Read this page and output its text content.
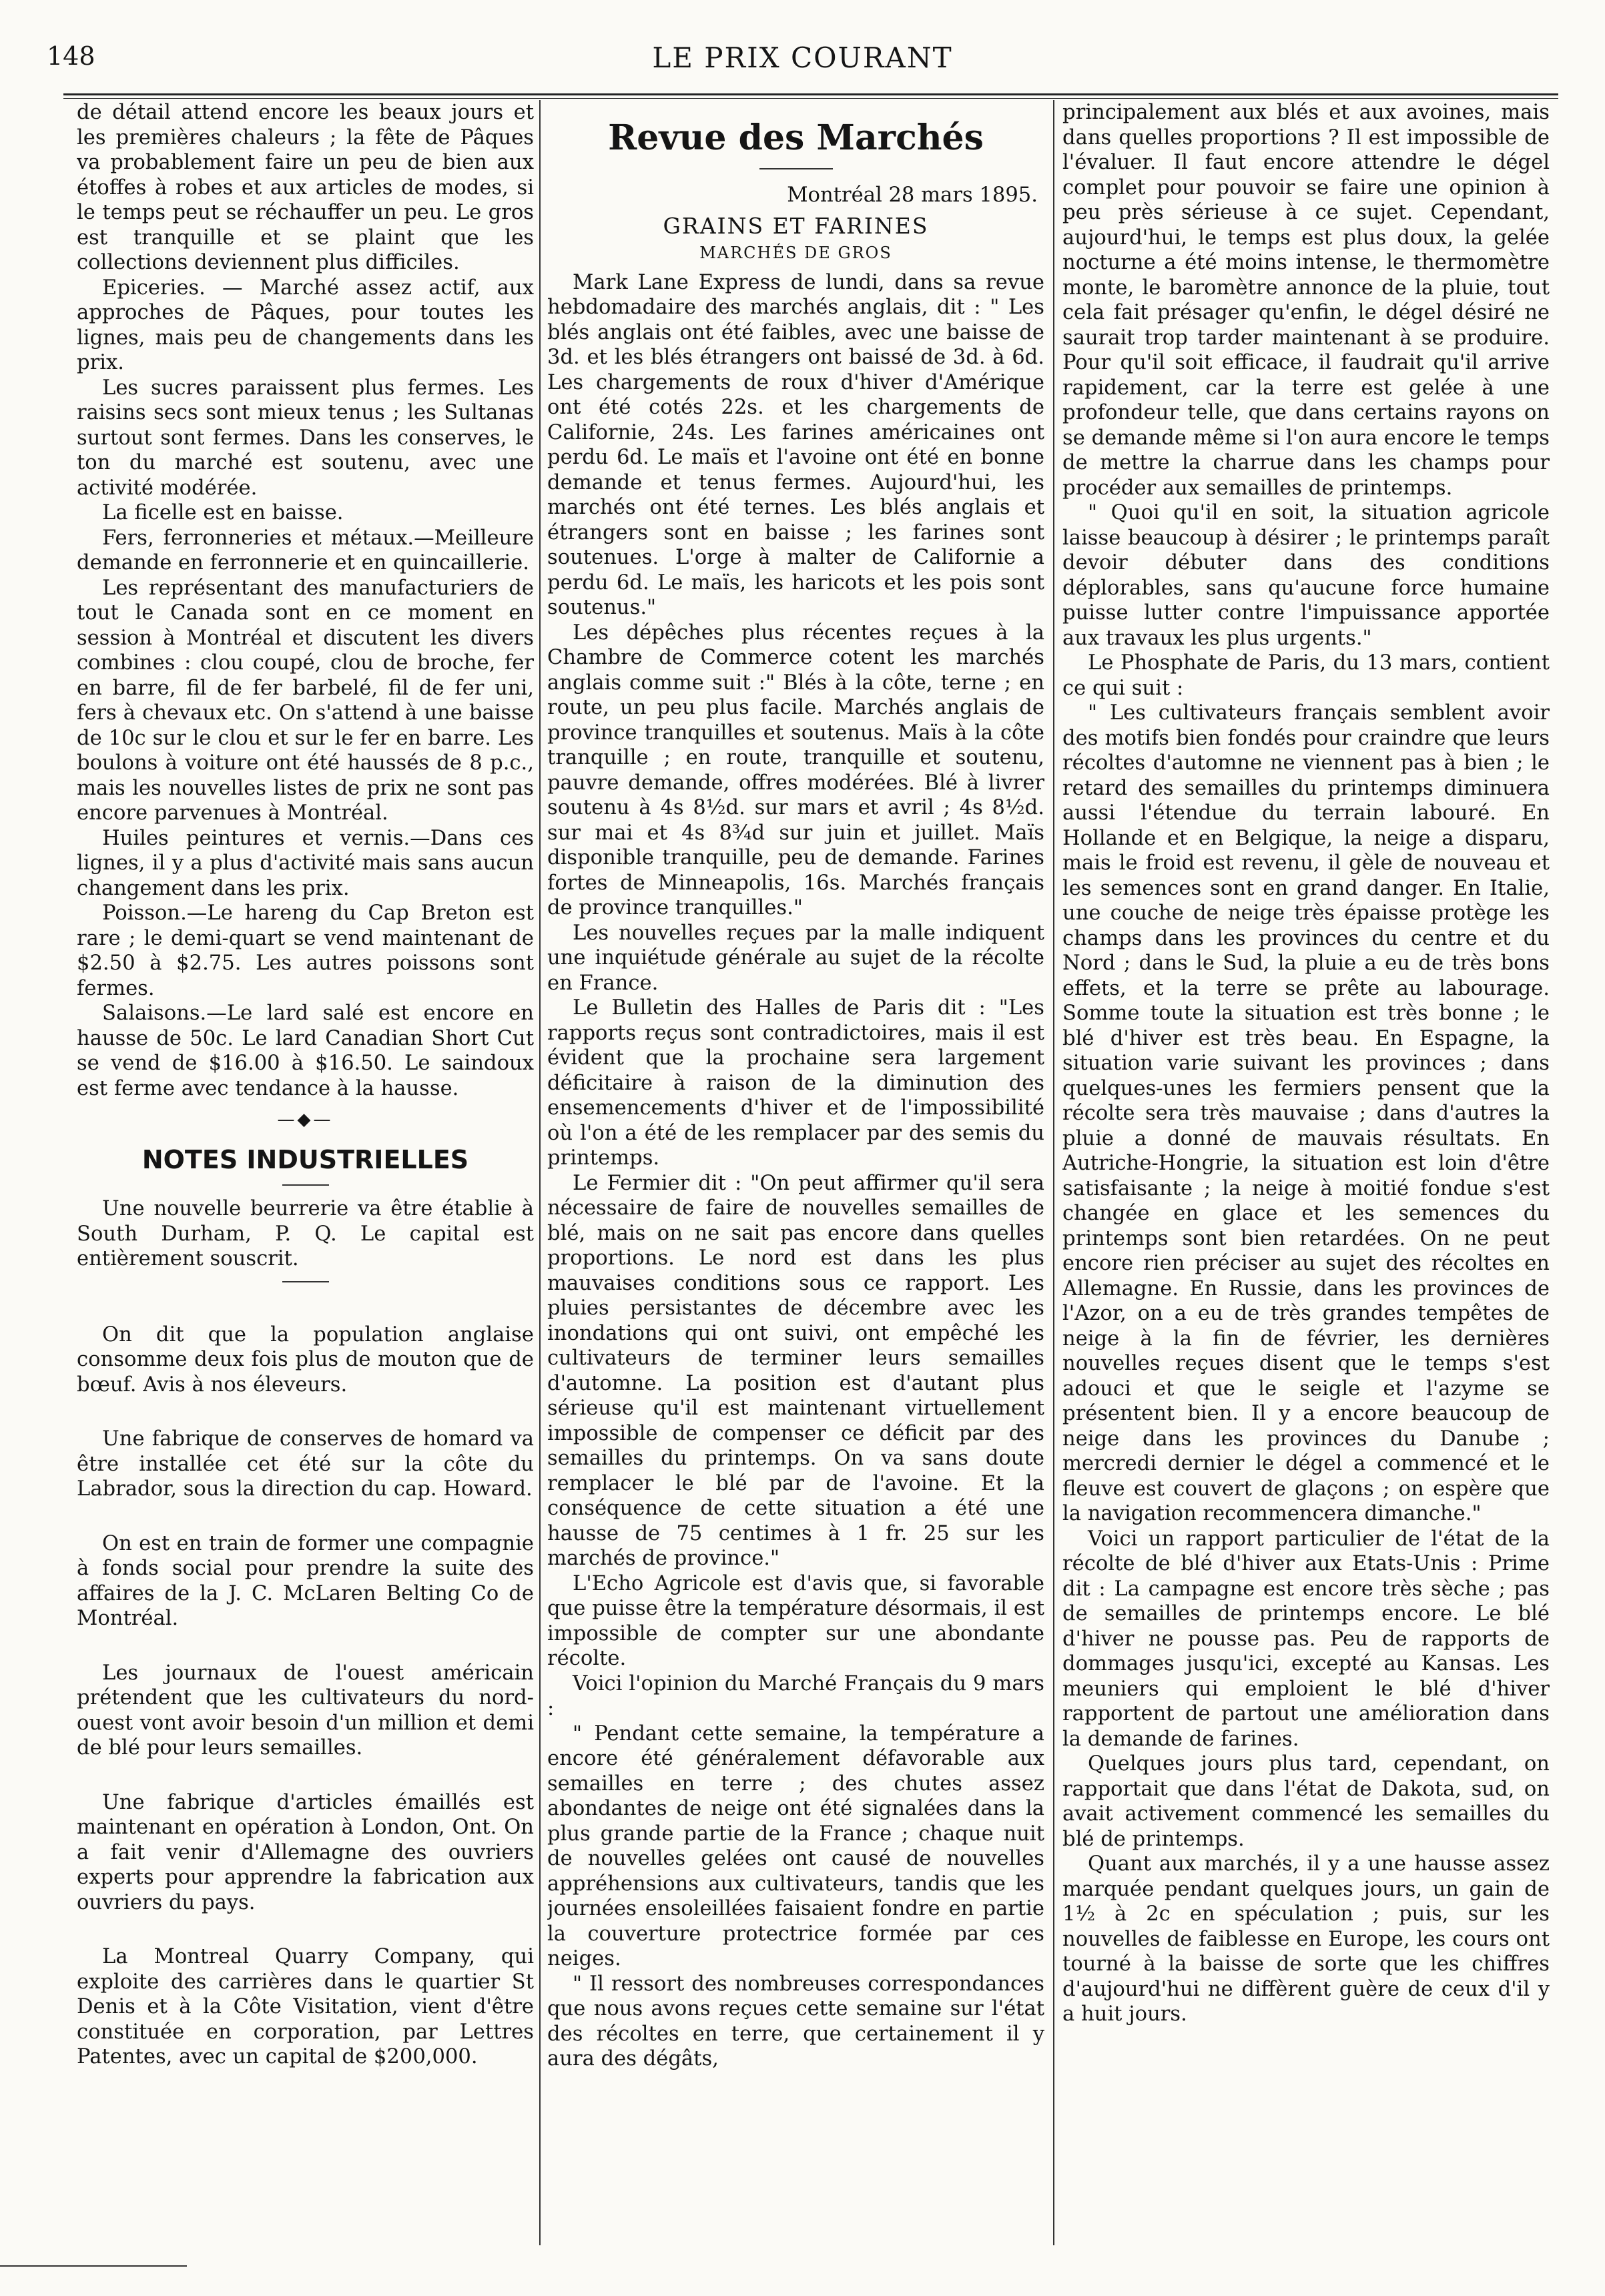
148	LE PRIX COURANT

de détail attend encore les beaux jours et les premières chaleurs ; la fête de Pâques va probablement faire un peu de bien aux étoffes à robes et aux articles de modes, si le temps peut se réchauffer un peu. Le gros est tranquille et se plaint que les collections deviennent plus difficiles.

Epiceries. — Marché assez actif, aux approches de Pâques, pour toutes les lignes, mais peu de changements dans les prix.

Les sucres paraissent plus fermes. Les raisins secs sont mieux tenus ; les Sultanas surtout sont fermes. Dans les conserves, le ton du marché est soutenu, avec une activité modérée.

La ficelle est en baisse.

Fers, ferronneries et métaux.—Meilleure demande en ferronnerie et en quincaillerie.

Les représentant des manufacturiers de tout le Canada sont en ce moment en session à Montréal et discutent les divers combines : clou coupé, clou de broche, fer en barre, fil de fer barbelé, fil de fer uni, fers à chevaux etc. On s'attend à une baisse de 10c sur le clou et sur le fer en barre. Les boulons à voiture ont été haussés de 8 p.c., mais les nouvelles listes de prix ne sont pas encore parvenues à Montréal.

Huiles peintures et vernis.—Dans ces lignes, il y a plus d'activité mais sans aucun changement dans les prix.

Poisson.—Le hareng du Cap Breton est rare ; le demi-quart se vend maintenant de $2.50 à $2.75. Les autres poissons sont fermes.

Salaisons.—Le lard salé est encore en hausse de 50c. Le lard Canadian Short Cut se vend de $16.00 à $16.50. Le saindoux est ferme avec tendance à la hausse.

—◆—
NOTES INDUSTRIELLES

Une nouvelle beurrerie va être établie à South Durham, P. Q. Le capital est entièrement souscrit.

On dit que la population anglaise consomme deux fois plus de mouton que de bœuf. Avis à nos éleveurs.

Une fabrique de conserves de homard va être installée cet été sur la côte du Labrador, sous la direction du cap. Howard.

On est en train de former une compagnie à fonds social pour prendre la suite des affaires de la J. C. McLaren Belting Co de Montréal.

Les journaux de l'ouest américain prétendent que les cultivateurs du nord-ouest vont avoir besoin d'un million et demi de blé pour leurs semailles.

Une fabrique d'articles émaillés est maintenant en opération à London, Ont. On a fait venir d'Allemagne des ouvriers experts pour apprendre la fabrication aux ouvriers du pays.

La Montreal Quarry Company, qui exploite des carrières dans le quartier St Denis et à la Côte Visitation, vient d'être constituée en corporation, par Lettres Patentes, avec un capital de $200,000.

Revue des Marchés
Montréal 28 mars 1895.
GRAINS ET FARINES
MARCHÉS DE GROS

Mark Lane Express de lundi, dans sa revue hebdomadaire des marchés anglais, dit : " Les blés anglais ont été faibles, avec une baisse de 3d. et les blés étrangers ont baissé de 3d. à 6d. Les chargements de roux d'hiver d'Amérique ont été cotés 22s. et les chargements de Californie, 24s. Les farines américaines ont perdu 6d. Le maïs et l'avoine ont été en bonne demande et tenus fermes. Aujourd'hui, les marchés ont été ternes. Les blés anglais et étrangers sont en baisse ; les farines sont soutenues. L'orge à malter de Californie a perdu 6d. Le maïs, les haricots et les pois sont soutenus."

Les dépêches plus récentes reçues à la Chambre de Commerce cotent les marchés anglais comme suit :" Blés à la côte, terne ; en route, un peu plus facile. Marchés anglais de province tranquilles et soutenus. Maïs à la côte tranquille ; en route, tranquille et soutenu, pauvre demande, offres modérées. Blé à livrer soutenu à 4s 8½d. sur mars et avril ; 4s 8½d. sur mai et 4s 8¾d sur juin et juillet. Maïs disponible tranquille, peu de demande. Farines fortes de Minneapolis, 16s. Marchés français de province tranquilles."

Les nouvelles reçues par la malle indiquent une inquiétude générale au sujet de la récolte en France.

Le Bulletin des Halles de Paris dit : "Les rapports reçus sont contradictoires, mais il est évident que la prochaine sera largement déficitaire à raison de la diminution des ensemencements d'hiver et de l'impossibilité où l'on a été de les remplacer par des semis du printemps.

Le Fermier dit : "On peut affirmer qu'il sera nécessaire de faire de nouvelles semailles de blé, mais on ne sait pas encore dans quelles proportions. Le nord est dans les plus mauvaises conditions sous ce rapport. Les pluies persistantes de décembre avec les inondations qui ont suivi, ont empêché les cultivateurs de terminer leurs semailles d'automne. La position est d'autant plus sérieuse qu'il est maintenant virtuellement impossible de compenser ce déficit par des semailles du printemps. On va sans doute remplacer le blé par de l'avoine. Et la conséquence de cette situation a été une hausse de 75 centimes à 1 fr. 25 sur les marchés de province."

L'Echo Agricole est d'avis que, si favorable que puisse être la température désormais, il est impossible de compter sur une abondante récolte.

Voici l'opinion du Marché Français du 9 mars :

" Pendant cette semaine, la température a encore été généralement défavorable aux semailles en terre ; des chutes assez abondantes de neige ont été signalées dans la plus grande partie de la France ; chaque nuit de nouvelles gelées ont causé de nouvelles appréhensions aux cultivateurs, tandis que les journées ensoleillées faisaient fondre en partie la couverture protectrice formée par ces neiges.

" Il ressort des nombreuses correspondances que nous avons reçues cette semaine sur l'état des récoltes en terre, que certainement il y aura des dégâts,

principalement aux blés et aux avoines, mais dans quelles proportions ? Il est impossible de l'évaluer. Il faut encore attendre le dégel complet pour pouvoir se faire une opinion à peu près sérieuse à ce sujet. Cependant, aujourd'hui, le temps est plus doux, la gelée nocturne a été moins intense, le thermomètre monte, le baromètre annonce de la pluie, tout cela fait présager qu'enfin, le dégel désiré ne saurait trop tarder maintenant à se produire. Pour qu'il soit efficace, il faudrait qu'il arrive rapidement, car la terre est gelée à une profondeur telle, que dans certains rayons on se demande même si l'on aura encore le temps de mettre la charrue dans les champs pour procéder aux semailles de printemps.

" Quoi qu'il en soit, la situation agricole laisse beaucoup à désirer ; le printemps paraît devoir débuter dans des conditions déplorables, sans qu'aucune force humaine puisse lutter contre l'impuissance apportée aux travaux les plus urgents."

Le Phosphate de Paris, du 13 mars, contient ce qui suit :

" Les cultivateurs français semblent avoir des motifs bien fondés pour craindre que leurs récoltes d'automne ne viennent pas à bien ; le retard des semailles du printemps diminuera aussi l'étendue du terrain labouré. En Hollande et en Belgique, la neige a disparu, mais le froid est revenu, il gèle de nouveau et les semences sont en grand danger. En Italie, une couche de neige très épaisse protège les champs dans les provinces du centre et du Nord ; dans le Sud, la pluie a eu de très bons effets, et la terre se prête au labourage. Somme toute la situation est très bonne ; le blé d'hiver est très beau. En Espagne, la situation varie suivant les provinces ; dans quelques-unes les fermiers pensent que la récolte sera très mauvaise ; dans d'autres la pluie a donné de mauvais résultats. En Autriche-Hongrie, la situation est loin d'être satisfaisante ; la neige à moitié fondue s'est changée en glace et les semences du printemps sont bien retardées. On ne peut encore rien préciser au sujet des récoltes en Allemagne. En Russie, dans les provinces de l'Azor, on a eu de très grandes tempêtes de neige à la fin de février, les dernières nouvelles reçues disent que le temps s'est adouci et que le seigle et l'azyme se présentent bien. Il y a encore beaucoup de neige dans les provinces du Danube ; mercredi dernier le dégel a commencé et le fleuve est couvert de glaçons ; on espère que la navigation recommencera dimanche."

Voici un rapport particulier de l'état de la récolte de blé d'hiver aux Etats-Unis : Prime dit : La campagne est encore très sèche ; pas de semailles de printemps encore. Le blé d'hiver ne pousse pas. Peu de rapports de dommages jusqu'ici, excepté au Kansas. Les meuniers qui emploient le blé d'hiver rapportent de partout une amélioration dans la demande de farines.

Quelques jours plus tard, cependant, on rapportait que dans l'état de Dakota, sud, on avait activement commencé les semailles du blé de printemps.

Quant aux marchés, il y a une hausse assez marquée pendant quelques jours, un gain de 1½ à 2c en spéculation ; puis, sur les nouvelles de faiblesse en Europe, les cours ont tourné à la baisse de sorte que les chiffres d'aujourd'hui ne diffèrent guère de ceux d'il y a huit jours.
